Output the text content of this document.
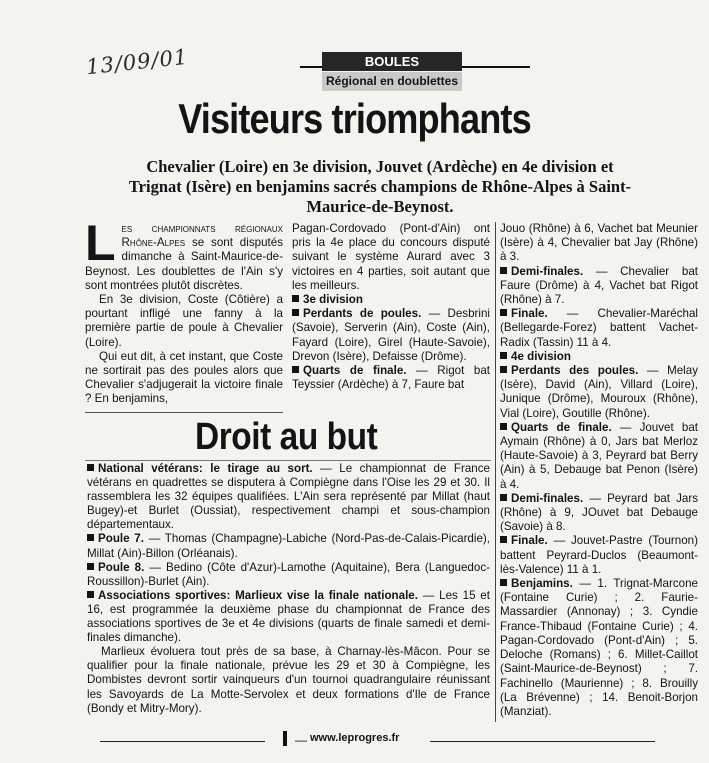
13/09/01	BOULES
Régional en doublettes
Visiteurs triomphants
Chevalier (Loire) en 3e division, Jouvet (Ardèche) en 4e division et Trignat (Isère) en benjamins sacrés champions de Rhône-Alpes à Saint-Maurice-de-Beynost.

Les championnats régionaux Rhône-Alpes se sont disputés dimanche à Saint-Maurice-de-Beynost. Les doublettes de l'Ain s'y sont montrées plutôt discrètes.

En 3e division, Coste (Côtière) a pourtant infligé une fanny à la première partie de poule à Chevalier (Loire).

Qui eut dit, à cet instant, que Coste ne sortirait pas des poules alors que Chevalier s'adjugerait la victoire finale ? En benjamins,

Pagan-Cordovado (Pont-d'Ain) ont pris la 4e place du concours disputé suivant le système Aurard avec 3 victoires en 4 parties, soit autant que les meilleurs.

3e division

Perdants de poules. — Desbrini (Savoie), Serverin (Ain), Coste (Ain), Fayard (Loire), Girel (Haute-Savoie), Drevon (Isère), Defaisse (Drôme).

Quarts de finale. — Rigot bat Teyssier (Ardèche) à 7, Faure bat

Jouo (Rhône) à 6, Vachet bat Meunier (Isère) à 4, Chevalier bat Jay (Rhône) à 3.

Demi-finales. — Chevalier bat Faure (Drôme) à 4, Vachet bat Rigot (Rhône) à 7.

Finale. — Chevalier-Maréchal (Bellegarde-Forez) battent Vachet-Radix (Tassin) 11 à 4.

4e division

Perdants des poules. — Melay (Isère), David (Ain), Villard (Loire), Junique (Drôme), Mouroux (Rhône), Vial (Loire), Goutille (Rhône).

Quarts de finale. — Jouvet bat Aymain (Rhône) à 0, Jars bat Merloz (Haute-Savoie) à 3, Peyrard bat Berry (Ain) à 5, Debauge bat Penon (Isère) à 4.

Demi-finales. — Peyrard bat Jars (Rhône) à 9, JOuvet bat Debauge (Savoie) à 8.

Finale. — Jouvet-Pastre (Tournon) battent Peyrard-Duclos (Beaumont-lès-Valence) 11 à 1.

Benjamins. — 1. Trignat-Marcone (Fontaine Curie) ; 2. Faurie-Massardier (Annonay) ; 3. Cyndie France-Thibaud (Fontaine Curie) ; 4. Pagan-Cordovado (Pont-d'Ain) ; 5. Deloche (Romans) ; 6. Millet-Caillot (Saint-Maurice-de-Beynost) ; 7. Fachinello (Maurienne) ; 8. Brouilly (La Brévenne) ; 14. Benoit-Borjon (Manziat).

Droit au but

National vétérans: le tirage au sort. — Le championnat de France vétérans en quadrettes se disputera à Compiègne dans l'Oise les 29 et 30. Il rassemblera les 32 équipes qualifiées. L'Ain sera représenté par Millat (haut Bugey)-et Burlet (Oussiat), respectivement champi et sous-champion départementaux.

Poule 7. — Thomas (Champagne)-Labiche (Nord-Pas-de-Calais-Picardie), Millat (Ain)-Billon (Orléanais).

Poule 8. — Bedino (Côte d'Azur)-Lamothe (Aquitaine), Bera (Languedoc-Roussillon)-Burlet (Ain).

Associations sportives: Marlieux vise la finale nationale. — Les 15 et 16, est programmée la deuxième phase du championnat de France des associations sportives de 3e et 4e divisions (quarts de finale samedi et demi-finales dimanche).

Marlieux évoluera tout près de sa base, à Charnay-lès-Mâcon. Pour se qualifier pour la finale nationale, prévue les 29 et 30 à Compiègne, les Dombistes devront sortir vainqueurs d'un tournoi quadrangulaire réunissant les Savoyards de La Motte-Servolex et deux formations d'Ile de France (Bondy et Mitry-Mory).

— www.leprogres.fr
